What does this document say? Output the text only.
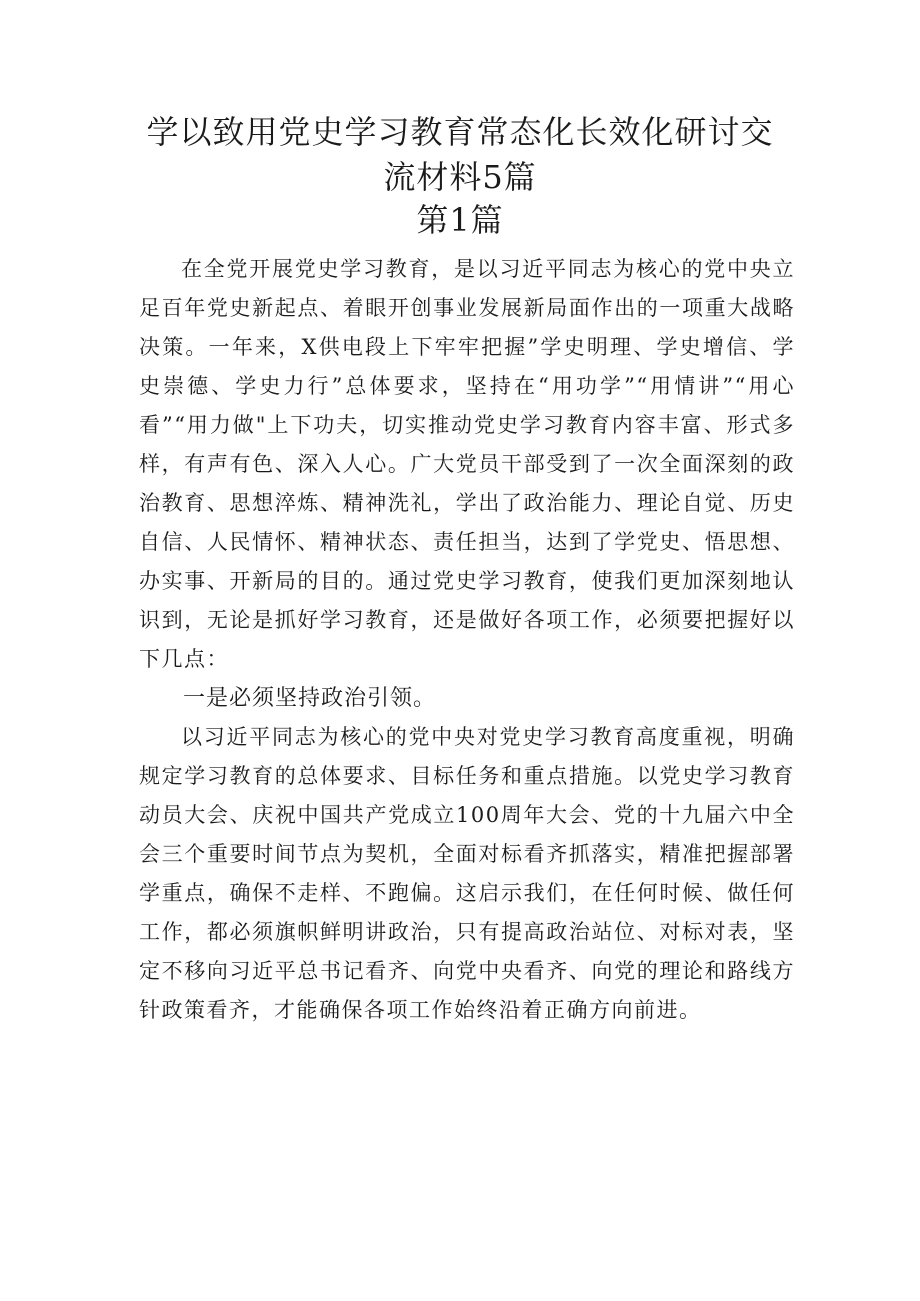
学以致用党史学习教育常态化长效化研讨交
流材料5篇
第1篇

在全党开展党史学习教育，是以习近平同志为核心的党中央立足百年党史新起点、着眼开创事业发展新局面作出的一项重大战略决策。一年来，X供电段上下牢牢把握”学史明理、学史增信、学史崇德、学史力行”总体要求，坚持在“用功学”“用情讲”“用心看”“用力做"上下功夫，切实推动党史学习教育内容丰富、形式多样，有声有色、深入人心。广大党员干部受到了一次全面深刻的政治教育、思想淬炼、精神洗礼，学出了政治能力、理论自觉、历史自信、人民情怀、精神状态、责任担当，达到了学党史、悟思想、办实事、开新局的目的。通过党史学习教育，使我们更加深刻地认识到，无论是抓好学习教育，还是做好各项工作，必须要把握好以下几点：

一是必须坚持政治引领。

以习近平同志为核心的党中央对党史学习教育高度重视，明确规定学习教育的总体要求、目标任务和重点措施。以党史学习教育动员大会、庆祝中国共产党成立100周年大会、党的十九届六中全会三个重要时间节点为契机，全面对标看齐抓落实，精准把握部署学重点，确保不走样、不跑偏。这启示我们，在任何时候、做任何工作，都必须旗帜鲜明讲政治，只有提高政治站位、对标对表，坚定不移向习近平总书记看齐、向党中央看齐、向党的理论和路线方针政策看齐，才能确保各项工作始终沿着正确方向前进。
